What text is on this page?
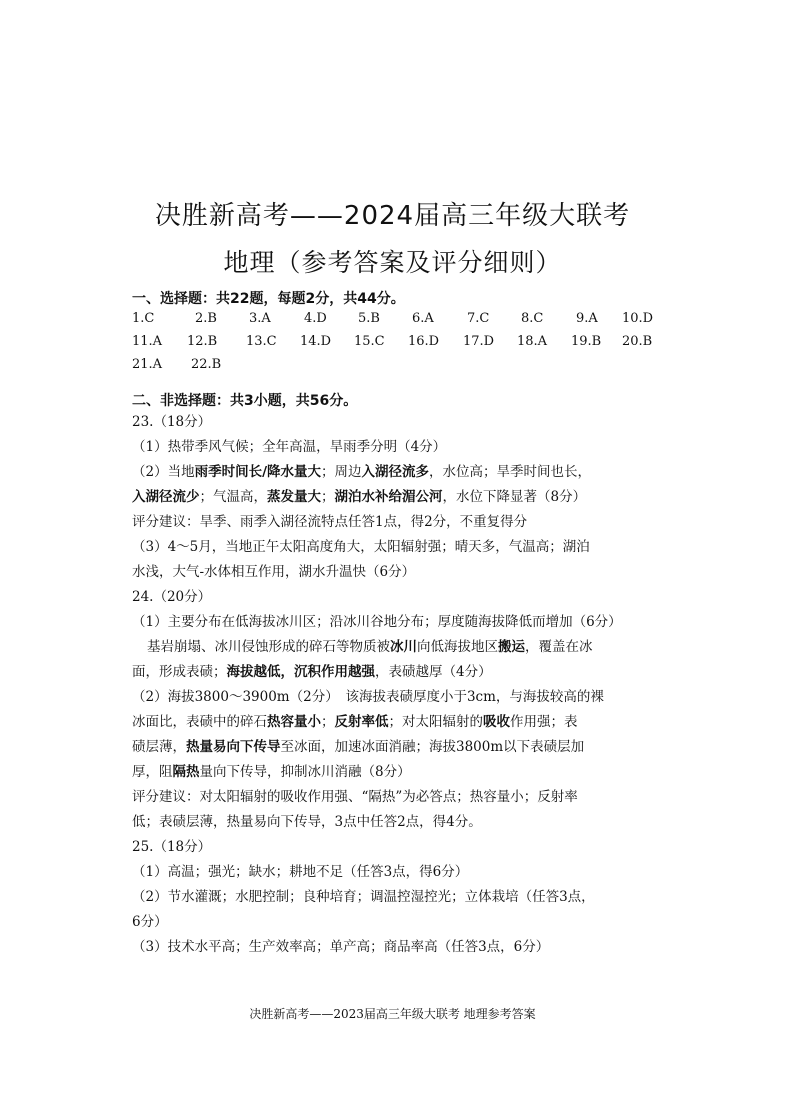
决胜新高考——2024届高三年级大联考
地理（参考答案及评分细则）
一、选择题：共22题，每题2分，共44分。
1.C	2.B 3.A	4.D 5.B 6.A	7.C 8.C	9.A 10.D
11.A 12.B 13.C 14.D 15.C 16.D 17.D 18.A 19.B 20.B
21.A 22.B
二、非选择题：共3小题，共56分。
23.（18分）
（1）热带季风气候；全年高温，旱雨季分明（4分）
（2）当地雨季时间长/降水量大；周边入湖径流多，水位高；旱季时间也长，
入湖径流少；气温高，蒸发量大；湖泊水补给湄公河，水位下降显著（8分）
评分建议：旱季、雨季入湖径流特点任答1点，得2分，不重复得分
（3）4～5月，当地正午太阳高度角大，太阳辐射强；晴天多，气温高；湖泊
水浅，大气-水体相互作用，湖水升温快（6分）
24.（20分）
（1）主要分布在低海拔冰川区；沿冰川谷地分布；厚度随海拔降低而增加（6分）
基岩崩塌、冰川侵蚀形成的碎石等物质被冰川向低海拔地区搬运，覆盖在冰
面，形成表碛；海拔越低，沉积作用越强，表碛越厚（4分）
（2）海拔3800～3900m（2分）　该海拔表碛厚度小于3cm，与海拔较高的裸
冰面比，表碛中的碎石热容量小；反射率低；对太阳辐射的吸收作用强；表
碛层薄，热量易向下传导至冰面，加速冰面消融；海拔3800m以下表碛层加
厚，阻隔热量向下传导，抑制冰川消融（8分）
评分建议：对太阳辐射的吸收作用强、“隔热”为必答点；热容量小；反射率
低；表碛层薄，热量易向下传导，3点中任答2点，得4分。
25.（18分）
（1）高温；强光；缺水；耕地不足（任答3点，得6分）
（2）节水灌溉；水肥控制；良种培育；调温控湿控光；立体栽培（任答3点，
6分）
（3）技术水平高；生产效率高；单产高；商品率高（任答3点，6分）
决胜新高考——2023届高三年级大联考 地理参考答案
